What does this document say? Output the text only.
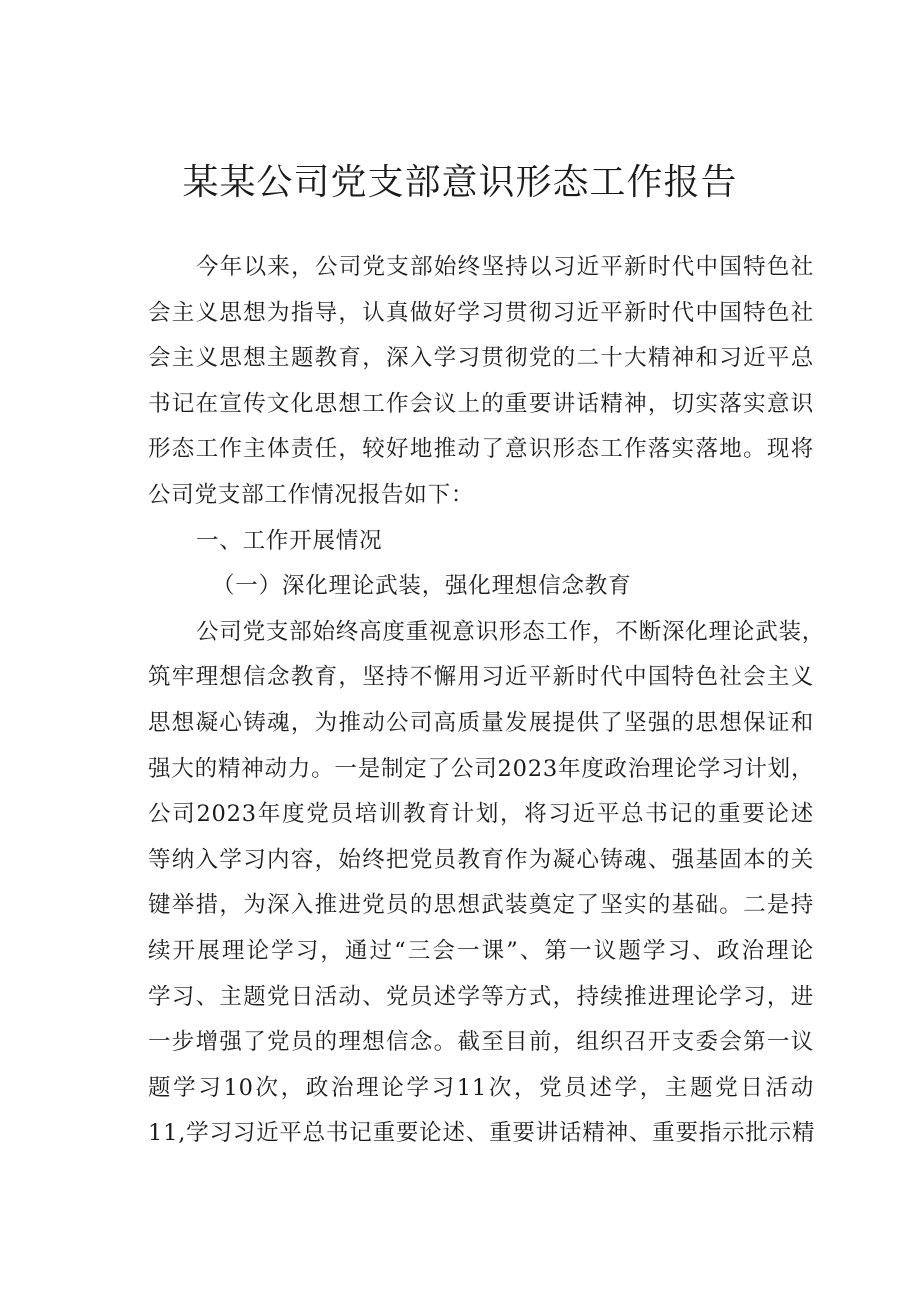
某某公司党支部意识形态工作报告
今年以来，公司党支部始终坚持以习近平新时代中国特色社
会主义思想为指导，认真做好学习贯彻习近平新时代中国特色社
会主义思想主题教育，深入学习贯彻党的二十大精神和习近平总
书记在宣传文化思想工作会议上的重要讲话精神，切实落实意识
形态工作主体责任，较好地推动了意识形态工作落实落地。现将
公司党支部工作情况报告如下：
一、工作开展情况
（一）深化理论武装，强化理想信念教育
公司党支部始终高度重视意识形态工作，不断深化理论武装，
筑牢理想信念教育，坚持不懈用习近平新时代中国特色社会主义
思想凝心铸魂，为推动公司高质量发展提供了坚强的思想保证和
强大的精神动力。一是制定了公司2023年度政治理论学习计划，
公司2023年度党员培训教育计划，将习近平总书记的重要论述
等纳入学习内容，始终把党员教育作为凝心铸魂、强基固本的关
键举措，为深入推进党员的思想武装奠定了坚实的基础。二是持
续开展理论学习，通过“三会一课”、第一议题学习、政治理论
学习、主题党日活动、党员述学等方式，持续推进理论学习，进
一步增强了党员的理想信念。截至目前，组织召开支委会第一议
题学习10次，政治理论学习11次，党员述学，主题党日活动
11,学习习近平总书记重要论述、重要讲话精神、重要指示批示精
